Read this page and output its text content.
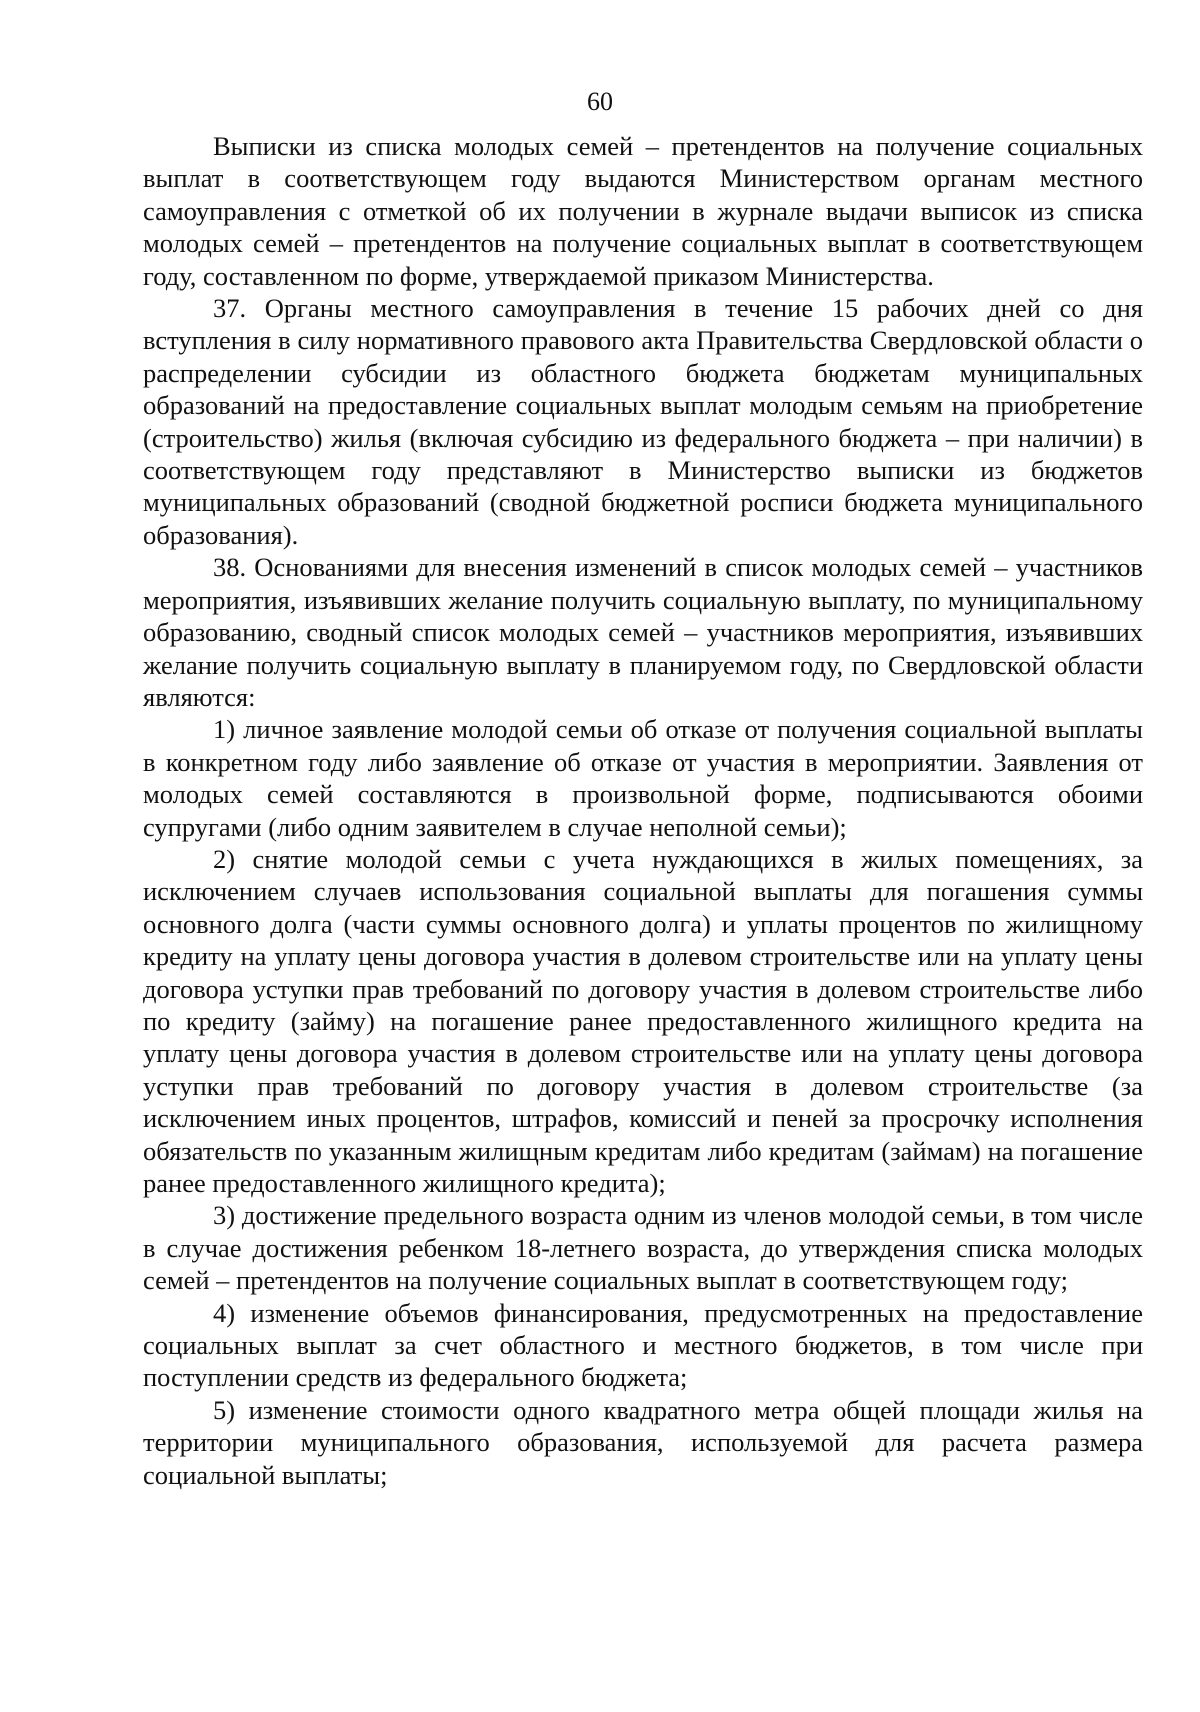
60

Выписки из списка молодых семей – претендентов на получение социальных выплат в соответствующем году выдаются Министерством органам местного самоуправления с отметкой об их получении в журнале выдачи выписок из списка молодых семей – претендентов на получение социальных выплат в соответствующем году, составленном по форме, утверждаемой приказом Министерства.

37. Органы местного самоуправления в течение 15 рабочих дней со дня вступления в силу нормативного правового акта Правительства Свердловской области о распределении субсидии из областного бюджета бюджетам муниципальных образований на предоставление социальных выплат молодым семьям на приобретение (строительство) жилья (включая субсидию из федерального бюджета – при наличии) в соответствующем году представляют в Министерство выписки из бюджетов муниципальных образований (сводной бюджетной росписи бюджета муниципального образования).

38. Основаниями для внесения изменений в список молодых семей – участников мероприятия, изъявивших желание получить социальную выплату, по муниципальному образованию, сводный список молодых семей – участников мероприятия, изъявивших желание получить социальную выплату в планируемом году, по Свердловской области являются:

1) личное заявление молодой семьи об отказе от получения социальной выплаты в конкретном году либо заявление об отказе от участия в мероприятии. Заявления от молодых семей составляются в произвольной форме, подписываются обоими супругами (либо одним заявителем в случае неполной семьи);

2) снятие молодой семьи с учета нуждающихся в жилых помещениях, за исключением случаев использования социальной выплаты для погашения суммы основного долга (части суммы основного долга) и уплаты процентов по жилищному кредиту на уплату цены договора участия в долевом строительстве или на уплату цены договора уступки прав требований по договору участия в долевом строительстве либо по кредиту (займу) на погашение ранее предоставленного жилищного кредита на уплату цены договора участия в долевом строительстве или на уплату цены договора уступки прав требований по договору участия в долевом строительстве (за исключением иных процентов, штрафов, комиссий и пеней за просрочку исполнения обязательств по указанным жилищным кредитам либо кредитам (займам) на погашение ранее предоставленного жилищного кредита);

3) достижение предельного возраста одним из членов молодой семьи, в том числе в случае достижения ребенком 18-летнего возраста, до утверждения списка молодых семей – претендентов на получение социальных выплат в соответствующем году;

4) изменение объемов финансирования, предусмотренных на предоставление социальных выплат за счет областного и местного бюджетов, в том числе при поступлении средств из федерального бюджета;

5) изменение стоимости одного квадратного метра общей площади жилья на территории муниципального образования, используемой для расчета размера социальной выплаты;
